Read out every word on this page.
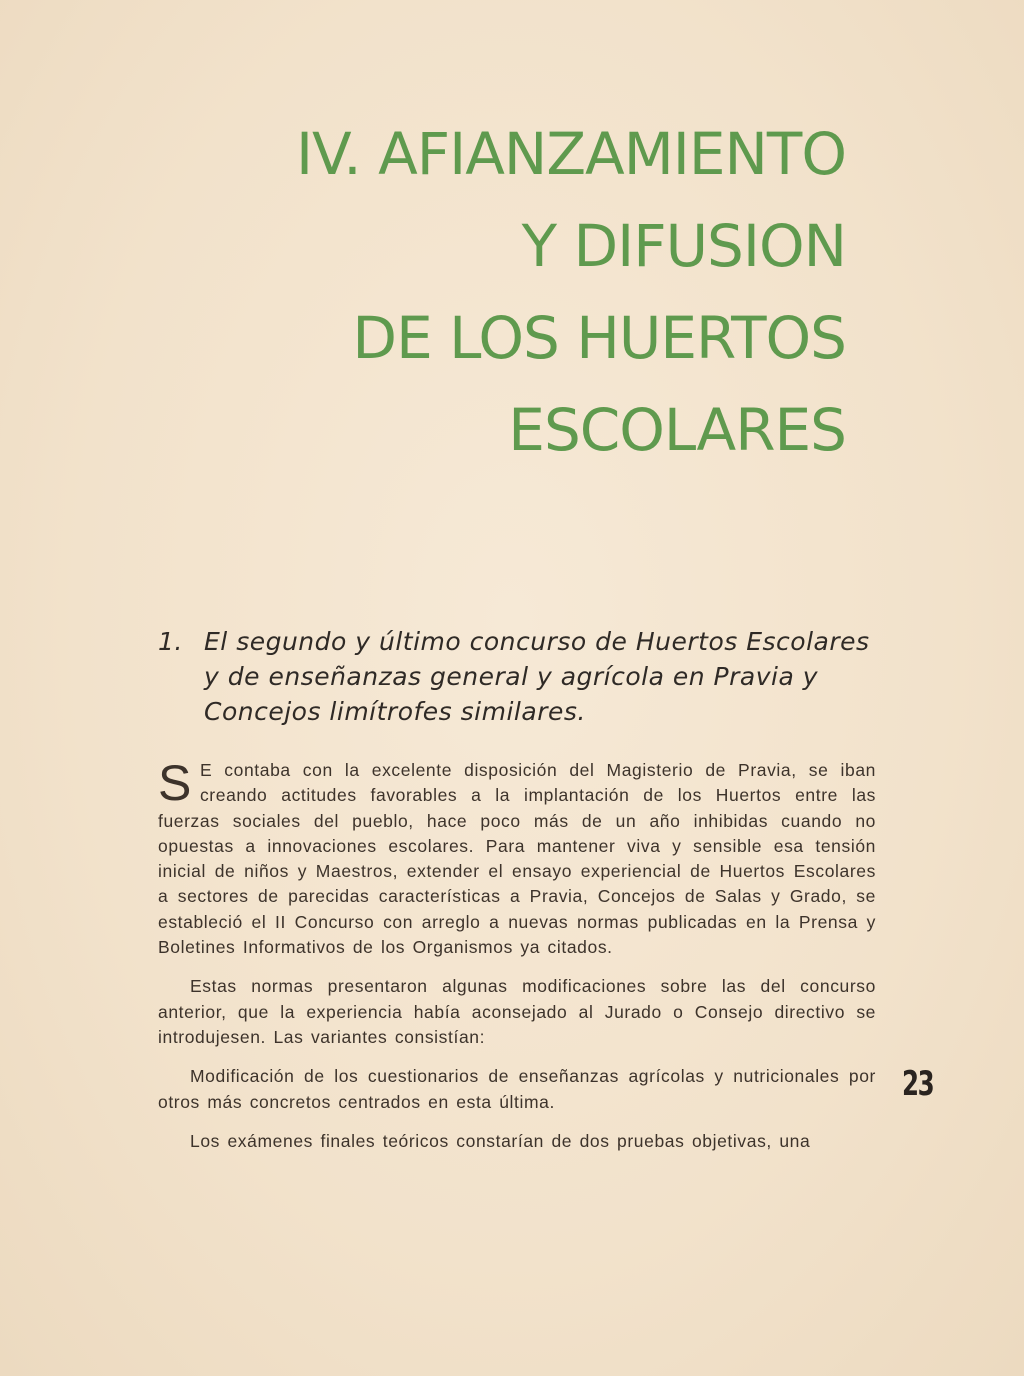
IV. AFIANZAMIENTO
Y DIFUSION
DE LOS HUERTOS
ESCOLARES
1. El segundo y último concurso de Huertos Escolares
y de enseñanzas general y agrícola en Pravia y
Concejos limítrofes similares.

S E contaba con la excelente disposición del Magisterio de Pravia, se iban creando actitudes favorables a la implantación de los Huertos entre las fuerzas sociales del pueblo, hace poco más de un año inhibidas cuando no opuestas a innovaciones escolares. Para mantener viva y sensible esa tensión inicial de niños y Maestros, extender el ensayo experiencial de Huertos Escolares a sectores de parecidas características a Pravia, Concejos de Salas y Grado, se estableció el II Concurso con arreglo a nuevas normas publicadas en la Prensa y Boletines Informativos de los Organismos ya citados.

Estas normas presentaron algunas modificaciones sobre las del concurso anterior, que la experiencia había aconsejado al Jurado o Consejo directivo se introdujesen. Las variantes consistían:

Modificación de los cuestionarios de enseñanzas agrícolas y nutricionales por otros más concretos centrados en esta última.

Los exámenes finales teóricos constarían de dos pruebas objetivas, una

23
